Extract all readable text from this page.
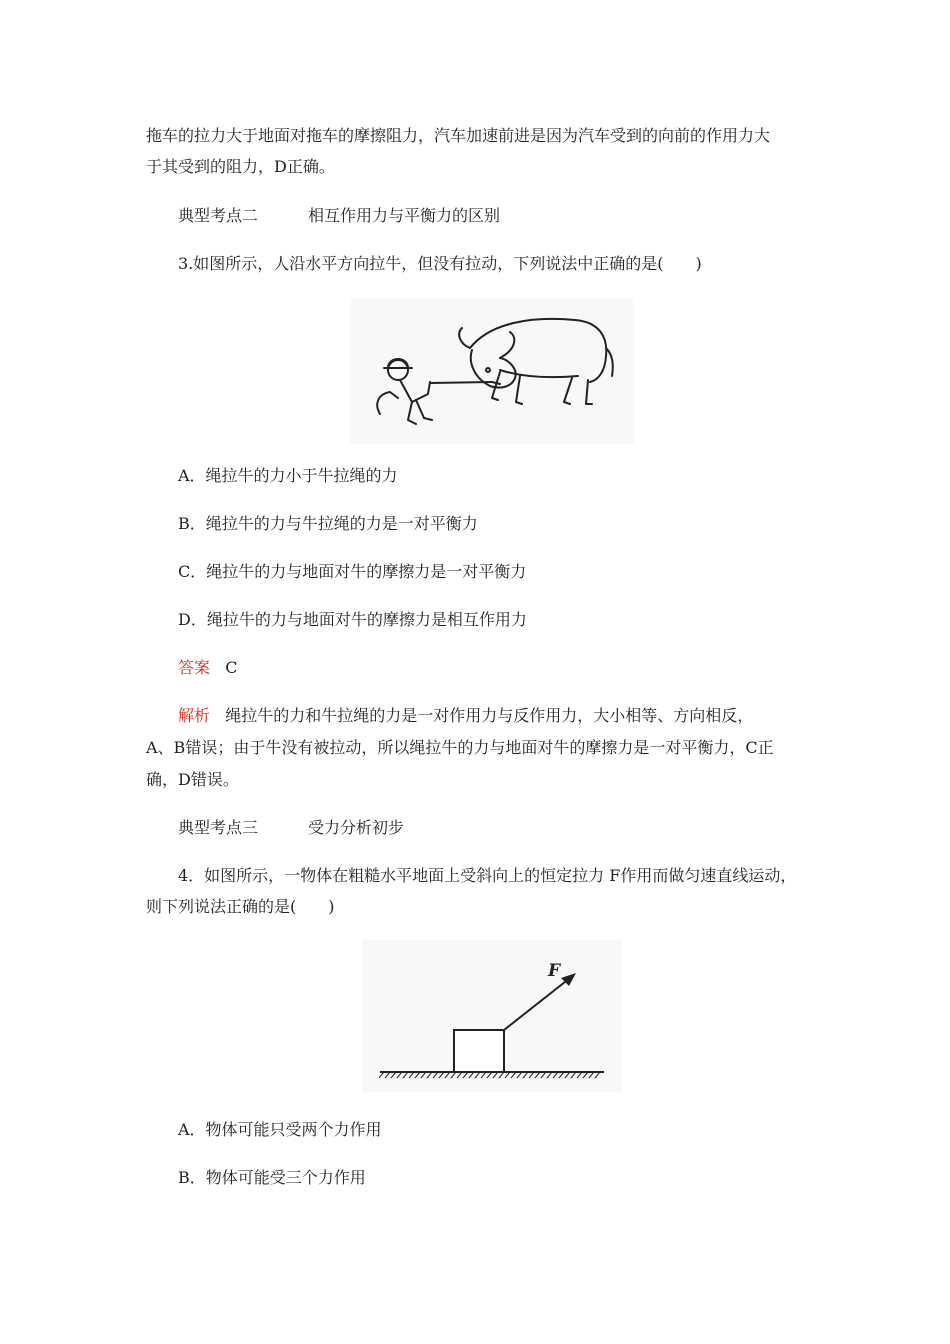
拖车的拉力大于地面对拖车的摩擦阻力，汽车加速前进是因为汽车受到的向前的作用力大
于其受到的阻力，D正确。
典型考点二	相互作用力与平衡力的区别
3.如图所示，人沿水平方向拉牛，但没有拉动，下列说法中正确的是(　　)
A．绳拉牛的力小于牛拉绳的力
B．绳拉牛的力与牛拉绳的力是一对平衡力
C．绳拉牛的力与地面对牛的摩擦力是一对平衡力
D．绳拉牛的力与地面对牛的摩擦力是相互作用力
答案 C
解析 绳拉牛的力和牛拉绳的力是一对作用力与反作用力，大小相等、方向相反，
A、B错误；由于牛没有被拉动，所以绳拉牛的力与地面对牛的摩擦力是一对平衡力，C正
确，D错误。
典型考点三	受力分析初步
4．如图所示，一物体在粗糙水平地面上受斜向上的恒定拉力 F作用而做匀速直线运动，
则下列说法正确的是(　　)
F
A．物体可能只受两个力作用
B．物体可能受三个力作用
